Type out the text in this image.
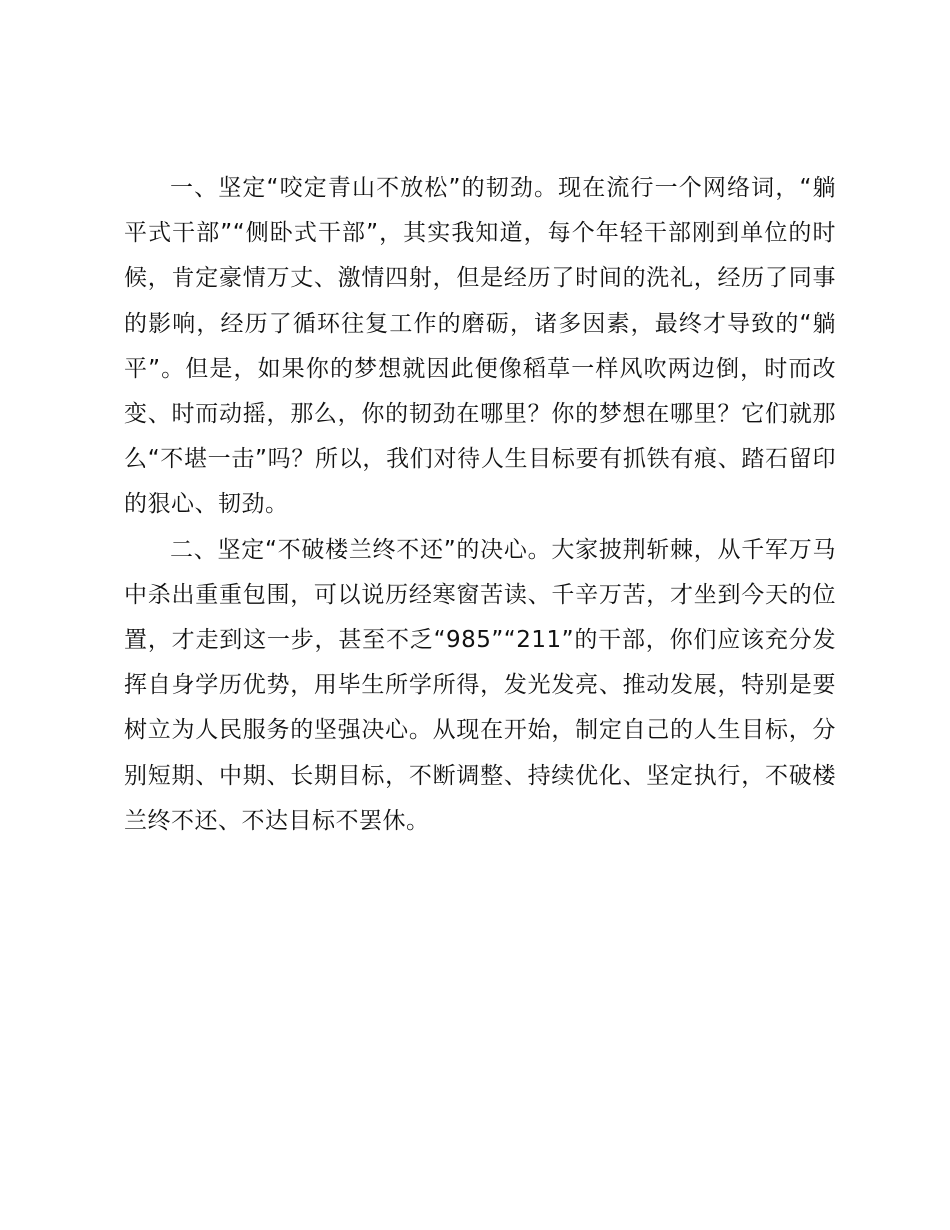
一、坚定“咬定青山不放松”的韧劲。现在流行一个网络词，“躺平式干部”“侧卧式干部”，其实我知道，每个年轻干部刚到单位的时候，肯定豪情万丈、激情四射，但是经历了时间的洗礼，经历了同事的影响，经历了循环往复工作的磨砺，诸多因素，最终才导致的“躺平”。但是，如果你的梦想就因此便像稻草一样风吹两边倒，时而改变、时而动摇，那么，你的韧劲在哪里？你的梦想在哪里？它们就那么“不堪一击”吗？所以，我们对待人生目标要有抓铁有痕、踏石留印的狠心、韧劲。

二、坚定“不破楼兰终不还”的决心。大家披荆斩棘，从千军万马中杀出重重包围，可以说历经寒窗苦读、千辛万苦，才坐到今天的位置，才走到这一步，甚至不乏“985”“211”的干部，你们应该充分发挥自身学历优势，用毕生所学所得，发光发亮、推动发展，特别是要树立为人民服务的坚强决心。从现在开始，制定自己的人生目标，分别短期、中期、长期目标，不断调整、持续优化、坚定执行，不破楼兰终不还、不达目标不罢休。
